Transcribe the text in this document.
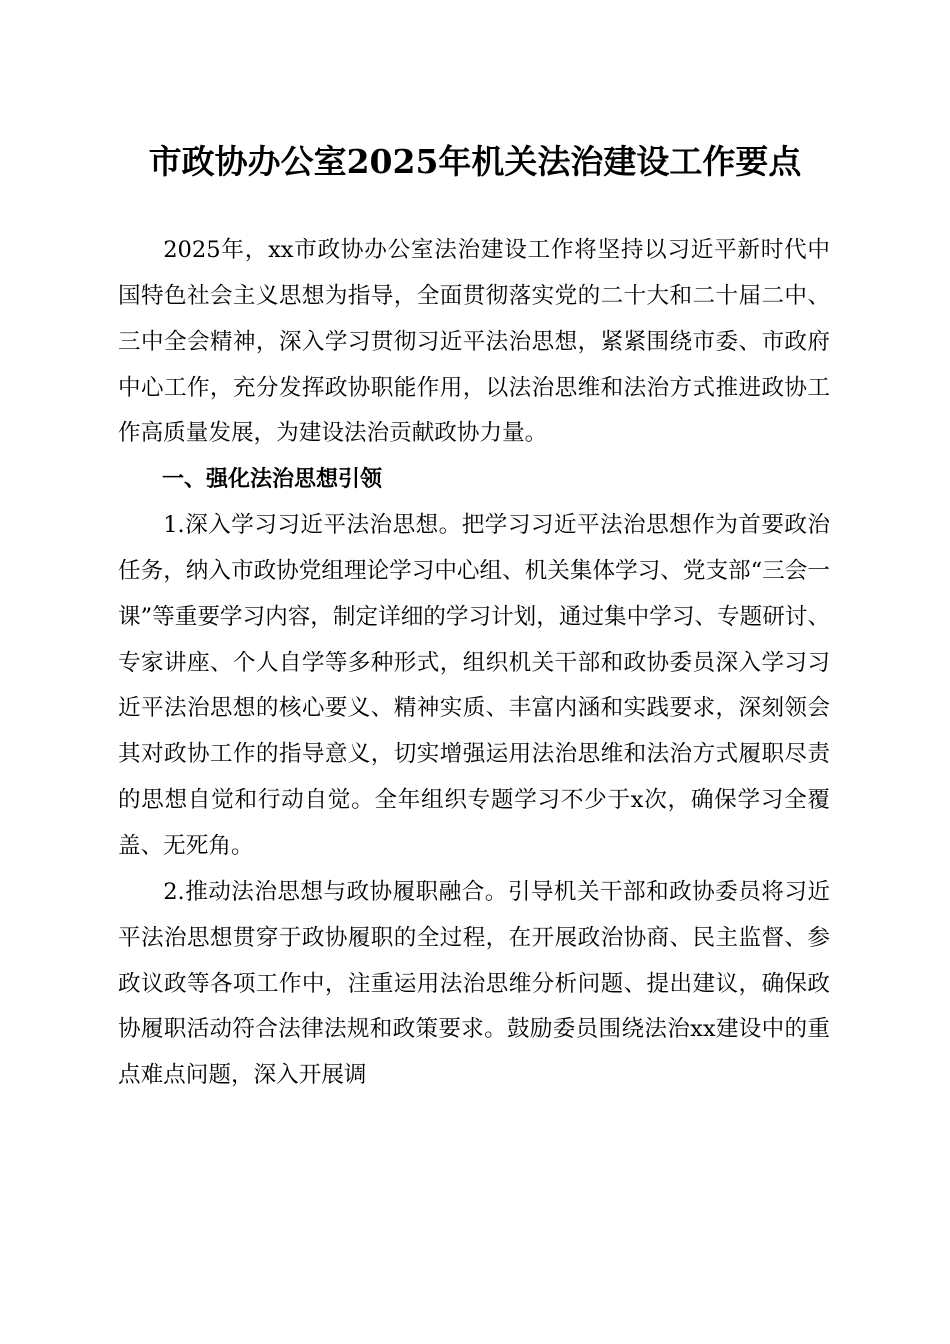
市政协办公室2025年机关法治建设工作要点

2025年，xx市政协办公室法治建设工作将坚持以习近平新时代中国特色社会主义思想为指导，全面贯彻落实党的二十大和二十届二中、三中全会精神，深入学习贯彻习近平法治思想，紧紧围绕市委、市政府中心工作，充分发挥政协职能作用，以法治思维和法治方式推进政协工作高质量发展，为建设法治贡献政协力量。

一、强化法治思想引领

1.深入学习习近平法治思想。把学习习近平法治思想作为首要政治任务，纳入市政协党组理论学习中心组、机关集体学习、党支部“三会一课”等重要学习内容，制定详细的学习计划，通过集中学习、专题研讨、专家讲座、个人自学等多种形式，组织机关干部和政协委员深入学习习近平法治思想的核心要义、精神实质、丰富内涵和实践要求，深刻领会其对政协工作的指导意义，切实增强运用法治思维和法治方式履职尽责的思想自觉和行动自觉。全年组织专题学习不少于x次，确保学习全覆盖、无死角。

2.推动法治思想与政协履职融合。引导机关干部和政协委员将习近平法治思想贯穿于政协履职的全过程，在开展政治协商、民主监督、参政议政等各项工作中，注重运用法治思维分析问题、提出建议，确保政协履职活动符合法律法规和政策要求。鼓励委员围绕法治xx建设中的重点难点问题，深入开展调
